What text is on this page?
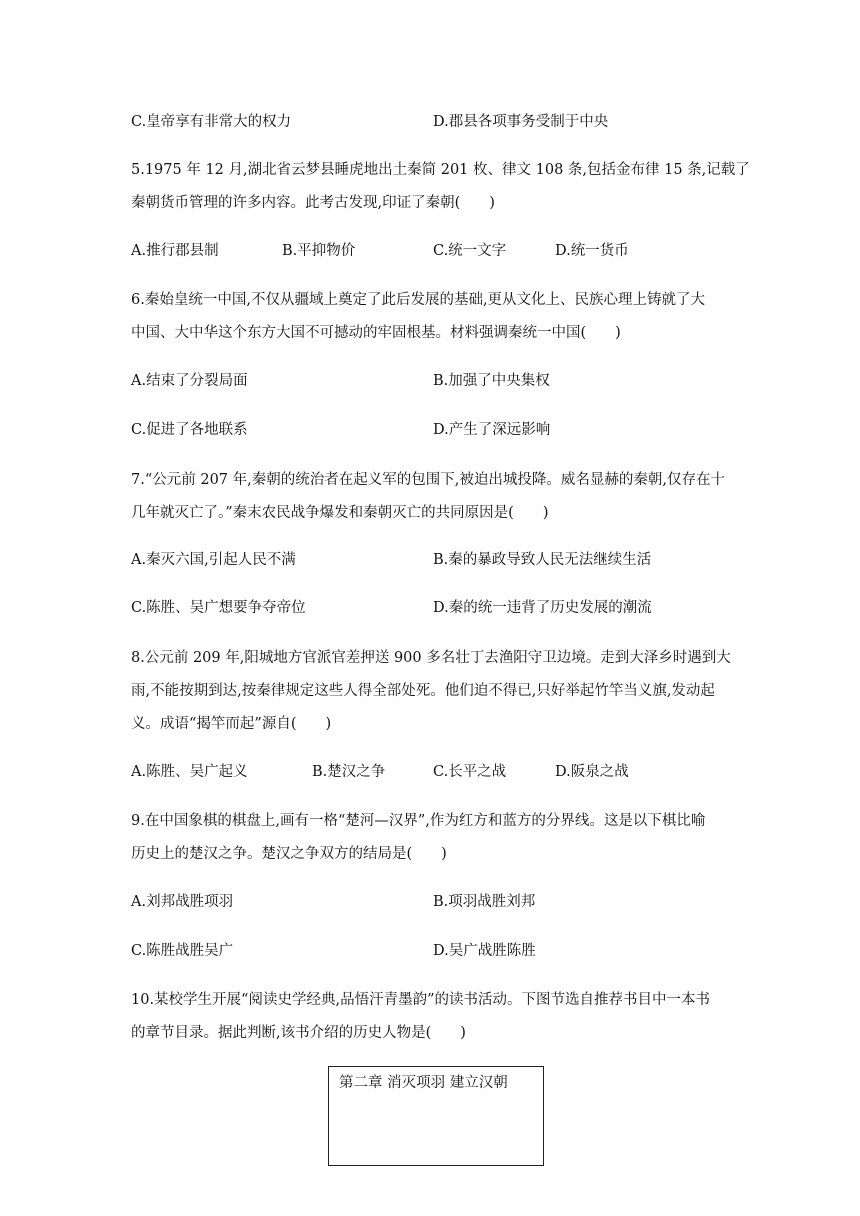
C.皇帝享有非常大的权力	D.郡县各项事务受制于中央
5.1975 年 12 月,湖北省云梦县睡虎地出土秦简 201 枚、律文 108 条,包括金布律 15 条,记载了
秦朝货币管理的许多内容。此考古发现,印证了秦朝(　　)
A.推行郡县制	B.平抑物价	C.统一文字	D.统一货币
6.秦始皇统一中国,不仅从疆域上奠定了此后发展的基础,更从文化上、民族心理上铸就了大
中国、大中华这个东方大国不可撼动的牢固根基。材料强调秦统一中国(　　)
A.结束了分裂局面	B.加强了中央集权
C.促进了各地联系	D.产生了深远影响
7.“公元前 207 年,秦朝的统治者在起义军的包围下,被迫出城投降。威名显赫的秦朝,仅存在十
几年就灭亡了。”秦末农民战争爆发和秦朝灭亡的共同原因是(　　)
A.秦灭六国,引起人民不满	B.秦的暴政导致人民无法继续生活
C.陈胜、吴广想要争夺帝位	D.秦的统一违背了历史发展的潮流
8.公元前 209 年,阳城地方官派官差押送 900 多名壮丁去渔阳守卫边境。走到大泽乡时遇到大
雨,不能按期到达,按秦律规定这些人得全部处死。他们迫不得已,只好举起竹竿当义旗,发动起
义。成语“揭竿而起”源自(　　)
A.陈胜、吴广起义	B.楚汉之争	C.长平之战	D.阪泉之战
9.在中国象棋的棋盘上,画有一格“楚河—汉界”,作为红方和蓝方的分界线。这是以下棋比喻
历史上的楚汉之争。楚汉之争双方的结局是(　　)
A.刘邦战胜项羽	B.项羽战胜刘邦
C.陈胜战胜吴广	D.吴广战胜陈胜
10.某校学生开展“阅读史学经典,品悟汗青墨韵”的读书活动。下图节选自推荐书目中一本书
的章节目录。据此判断,该书介绍的历史人物是(　　)
第二章 消灭项羽 建立汉朝
